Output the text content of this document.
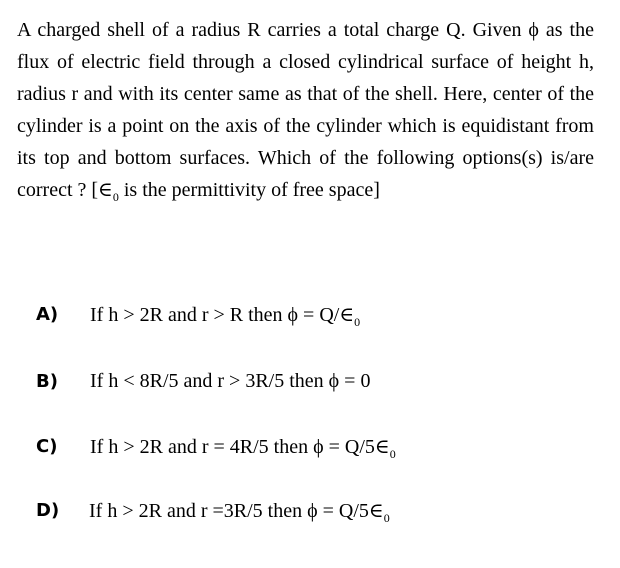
A charged shell of a radius R carries a total charge Q. Given ϕ as the flux of electric field through a closed cylindrical surface of height h, radius r and with its center same as that of the shell. Here, center of the cylinder is a point on the axis of the cylinder which is equidistant from its top and bottom surfaces. Which of the following options(s) is/are correct ? [$\in_0$ is the permittivity of free space]

A)	If h > 2R and r > R then $\phi = Q/\in_0$
B)	If h < 8R/5 and r > 3R/5 then ϕ = 0
C)	If h > 2R and r = 4R/5 then $\phi = Q/5\in_0$
D)	If h > 2R and r =3R/5 then $\phi = Q/5\in_0$
